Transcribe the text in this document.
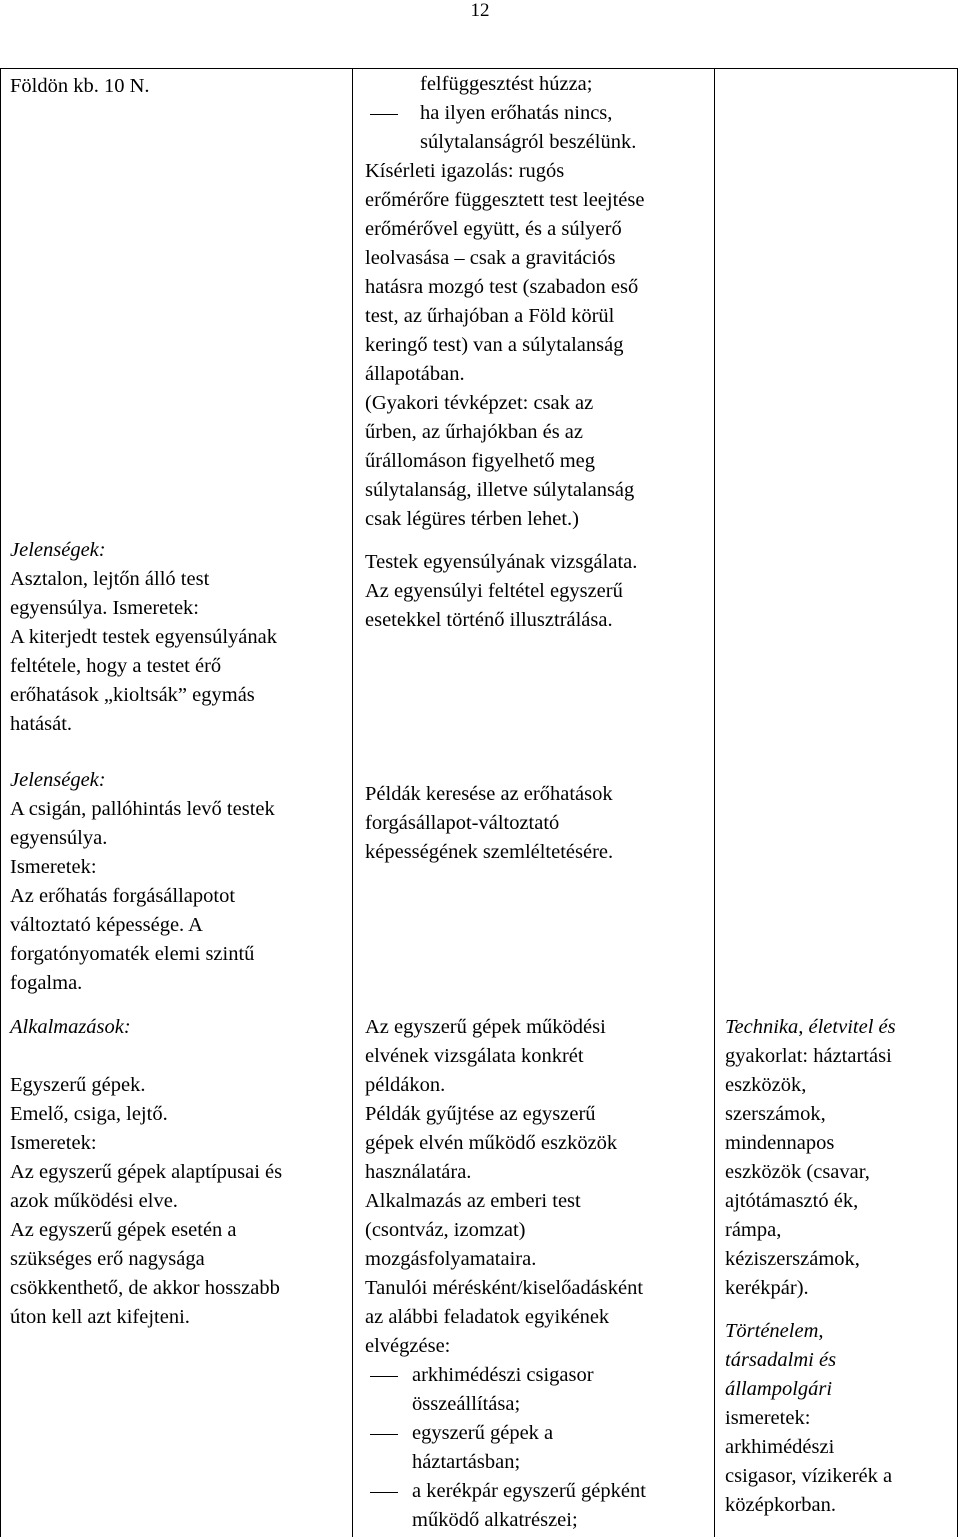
12

Földön kb. 10 N.	felfüggesztést húzza;

ha ilyen erőhatás nincs,

súlytalanságról beszélünk.

Kísérleti igazolás: rugós

erőmérőre függesztett test leejtése

erőmérővel együtt, és a súlyerő

leolvasása – csak a gravitációs

hatásra mozgó test (szabadon eső

test, az űrhajóban a Föld körül

keringő test) van a súlytalanság

állapotában.

(Gyakori tévképzet: csak az

űrben, az űrhajókban és az

űrállomáson figyelhető meg

súlytalanság, illetve súlytalanság

csak légüres térben lehet.)

Jelenségek:

Asztalon, lejtőn álló test

egyensúlya. Ismeretek:

A kiterjedt testek egyensúlyának

feltétele, hogy a testet érő

erőhatások „kioltsák” egymás

hatását.

Testek egyensúlyának vizsgálata.

Az egyensúlyi feltétel egyszerű

esetekkel történő illusztrálása.

Jelenségek:

A csigán, pallóhintás levő testek

egyensúlya.

Ismeretek:

Az erőhatás forgásállapotot

változtató képessége. A

forgatónyomaték elemi szintű

fogalma.

Példák keresése az erőhatások

forgásállapot-változtató

képességének szemléltetésére.

Alkalmazások:

Egyszerű gépek.

Emelő, csiga, lejtő.

Ismeretek:

Az egyszerű gépek alaptípusai és

azok működési elve.

Az egyszerű gépek esetén a

szükséges erő nagysága

csökkenthető, de akkor hosszabb

úton kell azt kifejteni.

Az egyszerű gépek működési

elvének vizsgálata konkrét

példákon.

Példák gyűjtése az egyszerű

gépek elvén működő eszközök

használatára.

Alkalmazás az emberi test

(csontváz, izomzat)

mozgásfolyamataira.

Tanulói mérésként/kiselőadásként

az alábbi feladatok egyikének

elvégzése:

arkhimédészi csigasor

összeállítása;

egyszerű gépek a

háztartásban;

a kerékpár egyszerű gépként

működő alkatrészei;

Technika, életvitel és

gyakorlat: háztartási

eszközök,

szerszámok,

mindennapos

eszközök (csavar,

ajtótámasztó ék,

rámpa,

kéziszerszámok,

kerékpár).

Történelem,

társadalmi és

állampolgári

ismeretek:

arkhimédészi

csigasor, vízikerék a

középkorban.
